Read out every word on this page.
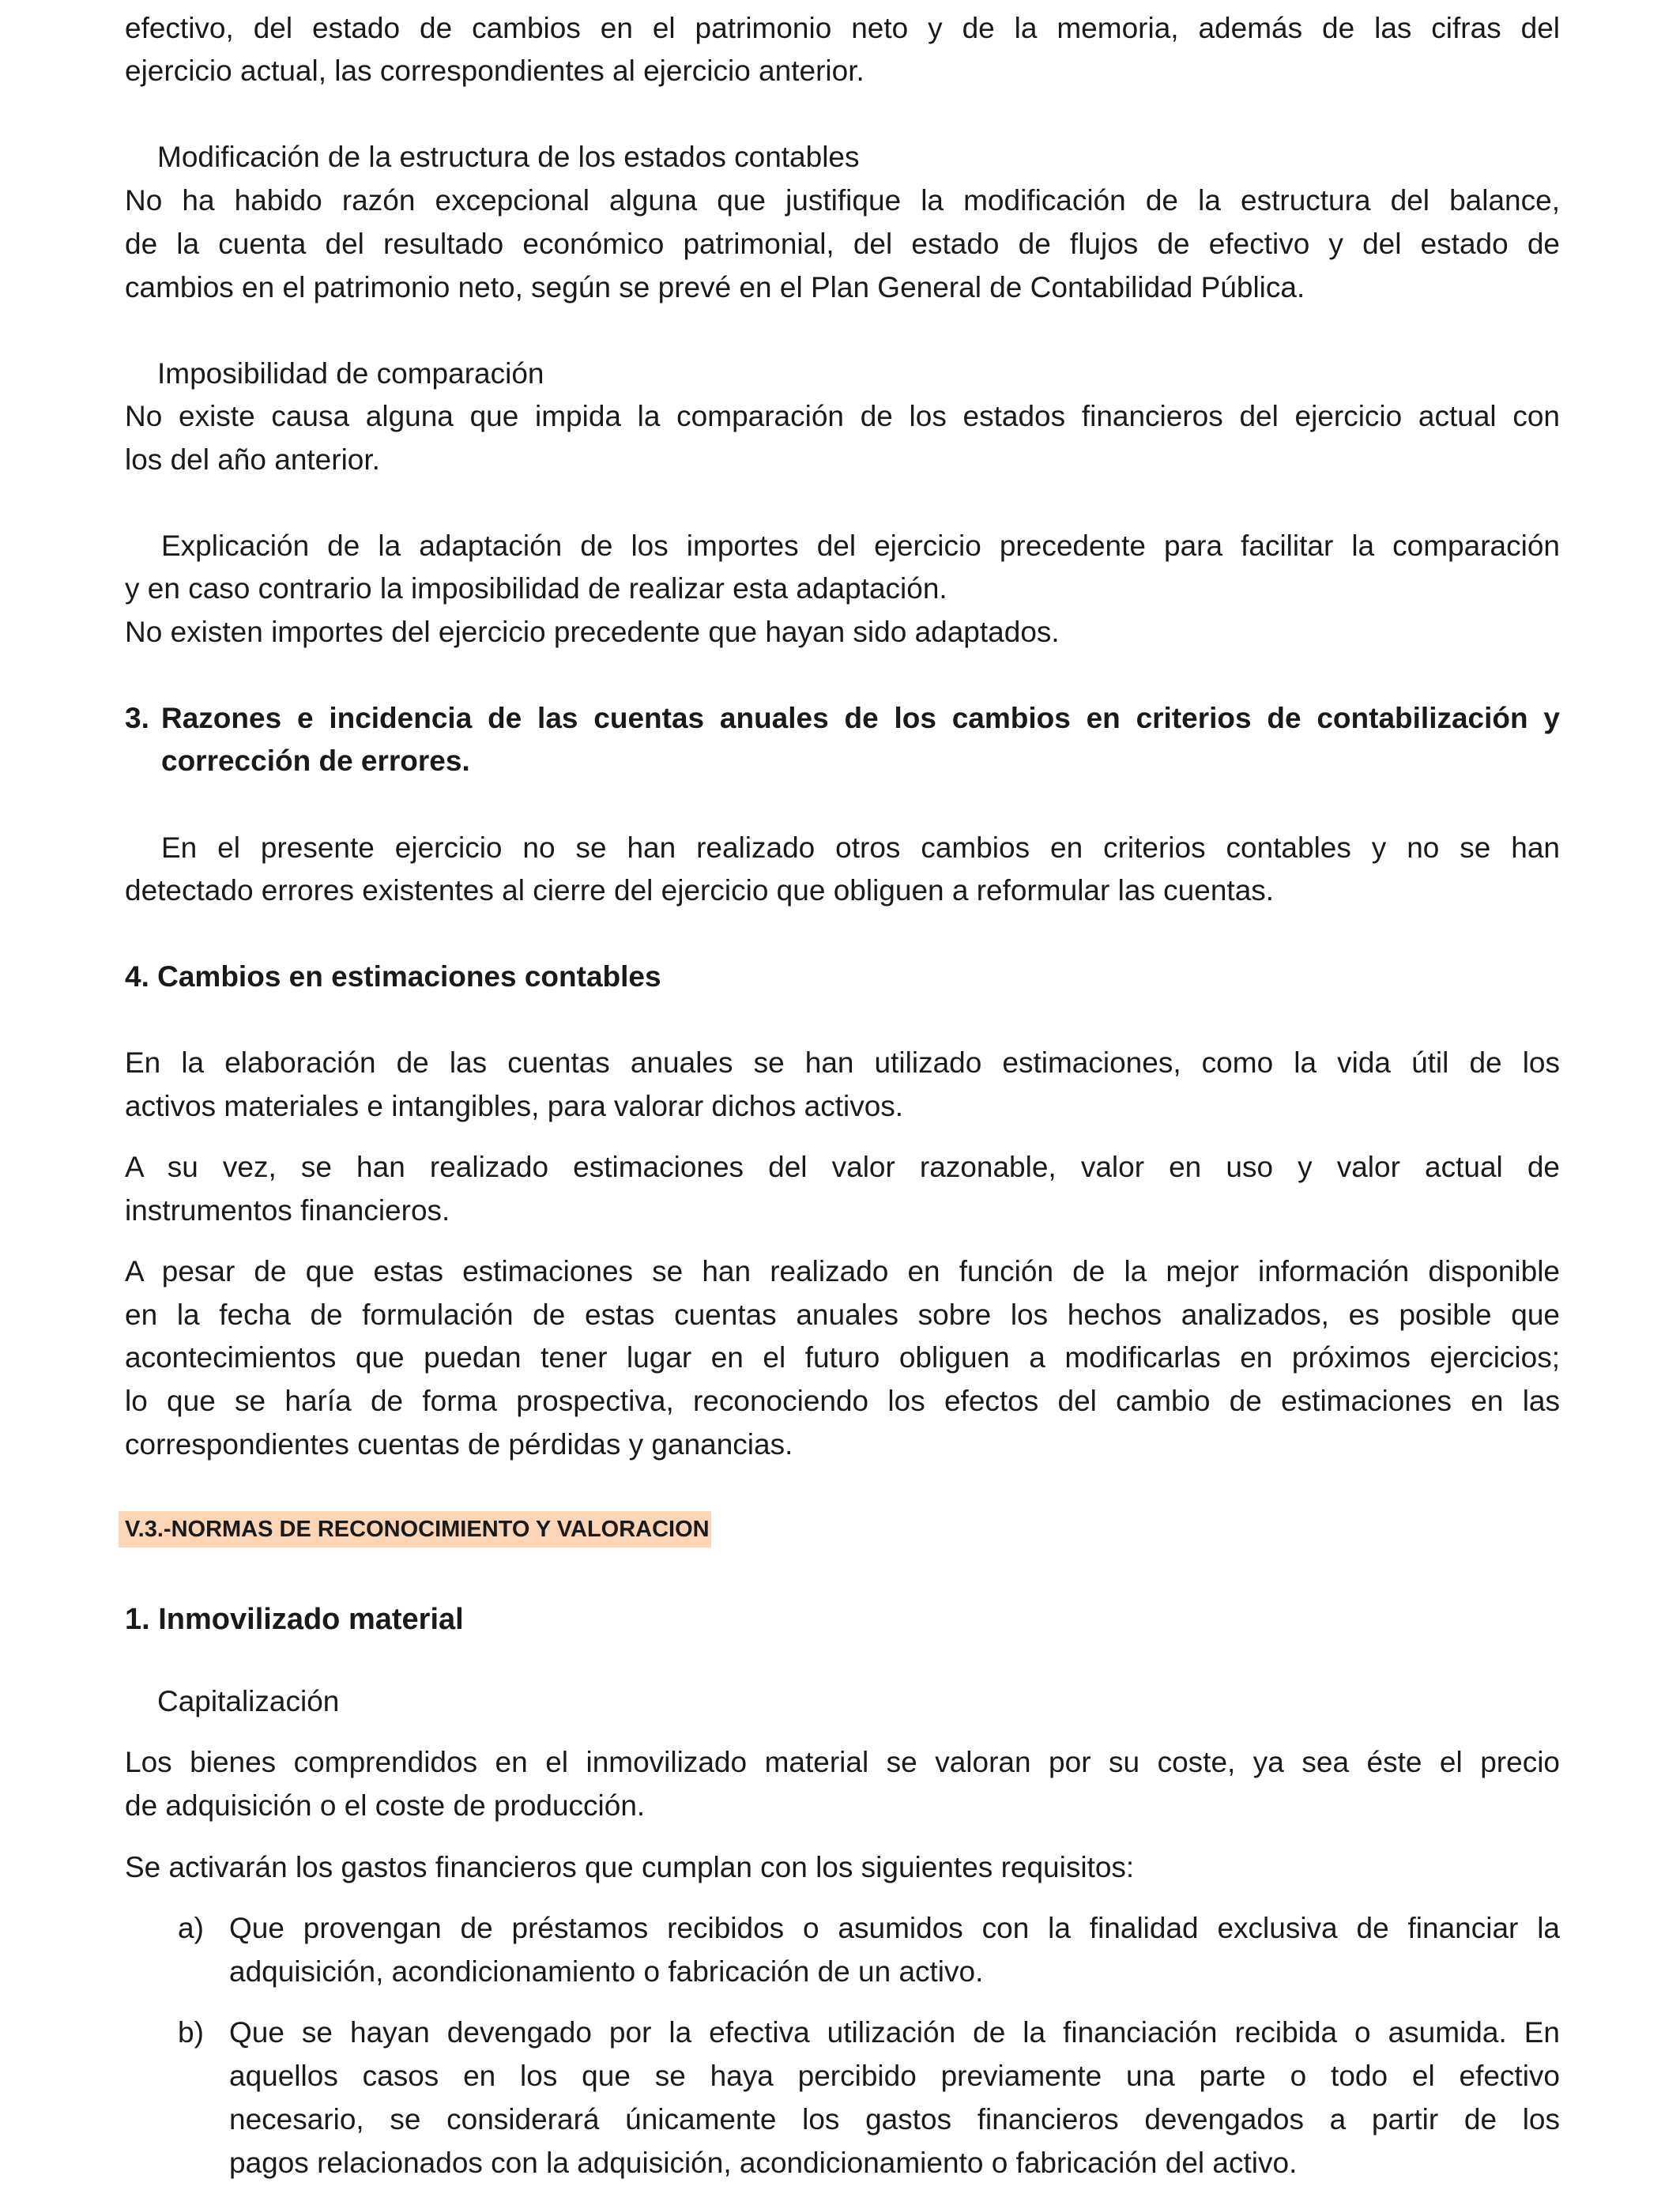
efectivo, del estado de cambios en el patrimonio neto y de la memoria, además de las cifras del
ejercicio actual, las correspondientes al ejercicio anterior.
Modificación de la estructura de los estados contables
No ha habido razón excepcional alguna que justifique la modificación de la estructura del balance,
de la cuenta del resultado económico patrimonial, del estado de flujos de efectivo y del estado de
cambios en el patrimonio neto, según se prevé en el Plan General de Contabilidad Pública.
Imposibilidad de comparación
No existe causa alguna que impida la comparación de los estados financieros del ejercicio actual con
los del año anterior.
Explicación de la adaptación de los importes del ejercicio precedente para facilitar la comparación
y en caso contrario la imposibilidad de realizar esta adaptación.
No existen importes del ejercicio precedente que hayan sido adaptados.
3. Razones e incidencia de las cuentas anuales de los cambios en criterios de contabilización y
corrección de errores.
En el presente ejercicio no se han realizado otros cambios en criterios contables y no se han
detectado errores existentes al cierre del ejercicio que obliguen a reformular las cuentas.
4. Cambios en estimaciones contables
En la elaboración de las cuentas anuales se han utilizado estimaciones, como la vida útil de los
activos materiales e intangibles, para valorar dichos activos.
A su vez, se han realizado estimaciones del valor razonable, valor en uso y valor actual de
instrumentos financieros.
A pesar de que estas estimaciones se han realizado en función de la mejor información disponible
en la fecha de formulación de estas cuentas anuales sobre los hechos analizados, es posible que
acontecimientos que puedan tener lugar en el futuro obliguen a modificarlas en próximos ejercicios;
lo que se haría de forma prospectiva, reconociendo los efectos del cambio de estimaciones en las
correspondientes cuentas de pérdidas y ganancias.
V.3.-NORMAS DE RECONOCIMIENTO Y VALORACION
1. Inmovilizado material
Capitalización
Los bienes comprendidos en el inmovilizado material se valoran por su coste, ya sea éste el precio
de adquisición o el coste de producción.
Se activarán los gastos financieros que cumplan con los siguientes requisitos:
a) Que provengan de préstamos recibidos o asumidos con la finalidad exclusiva de financiar la
adquisición, acondicionamiento o fabricación de un activo.
b) Que se hayan devengado por la efectiva utilización de la financiación recibida o asumida. En
aquellos casos en los que se haya percibido previamente una parte o todo el efectivo
necesario, se considerará únicamente los gastos financieros devengados a partir de los
pagos relacionados con la adquisición, acondicionamiento o fabricación del activo.
